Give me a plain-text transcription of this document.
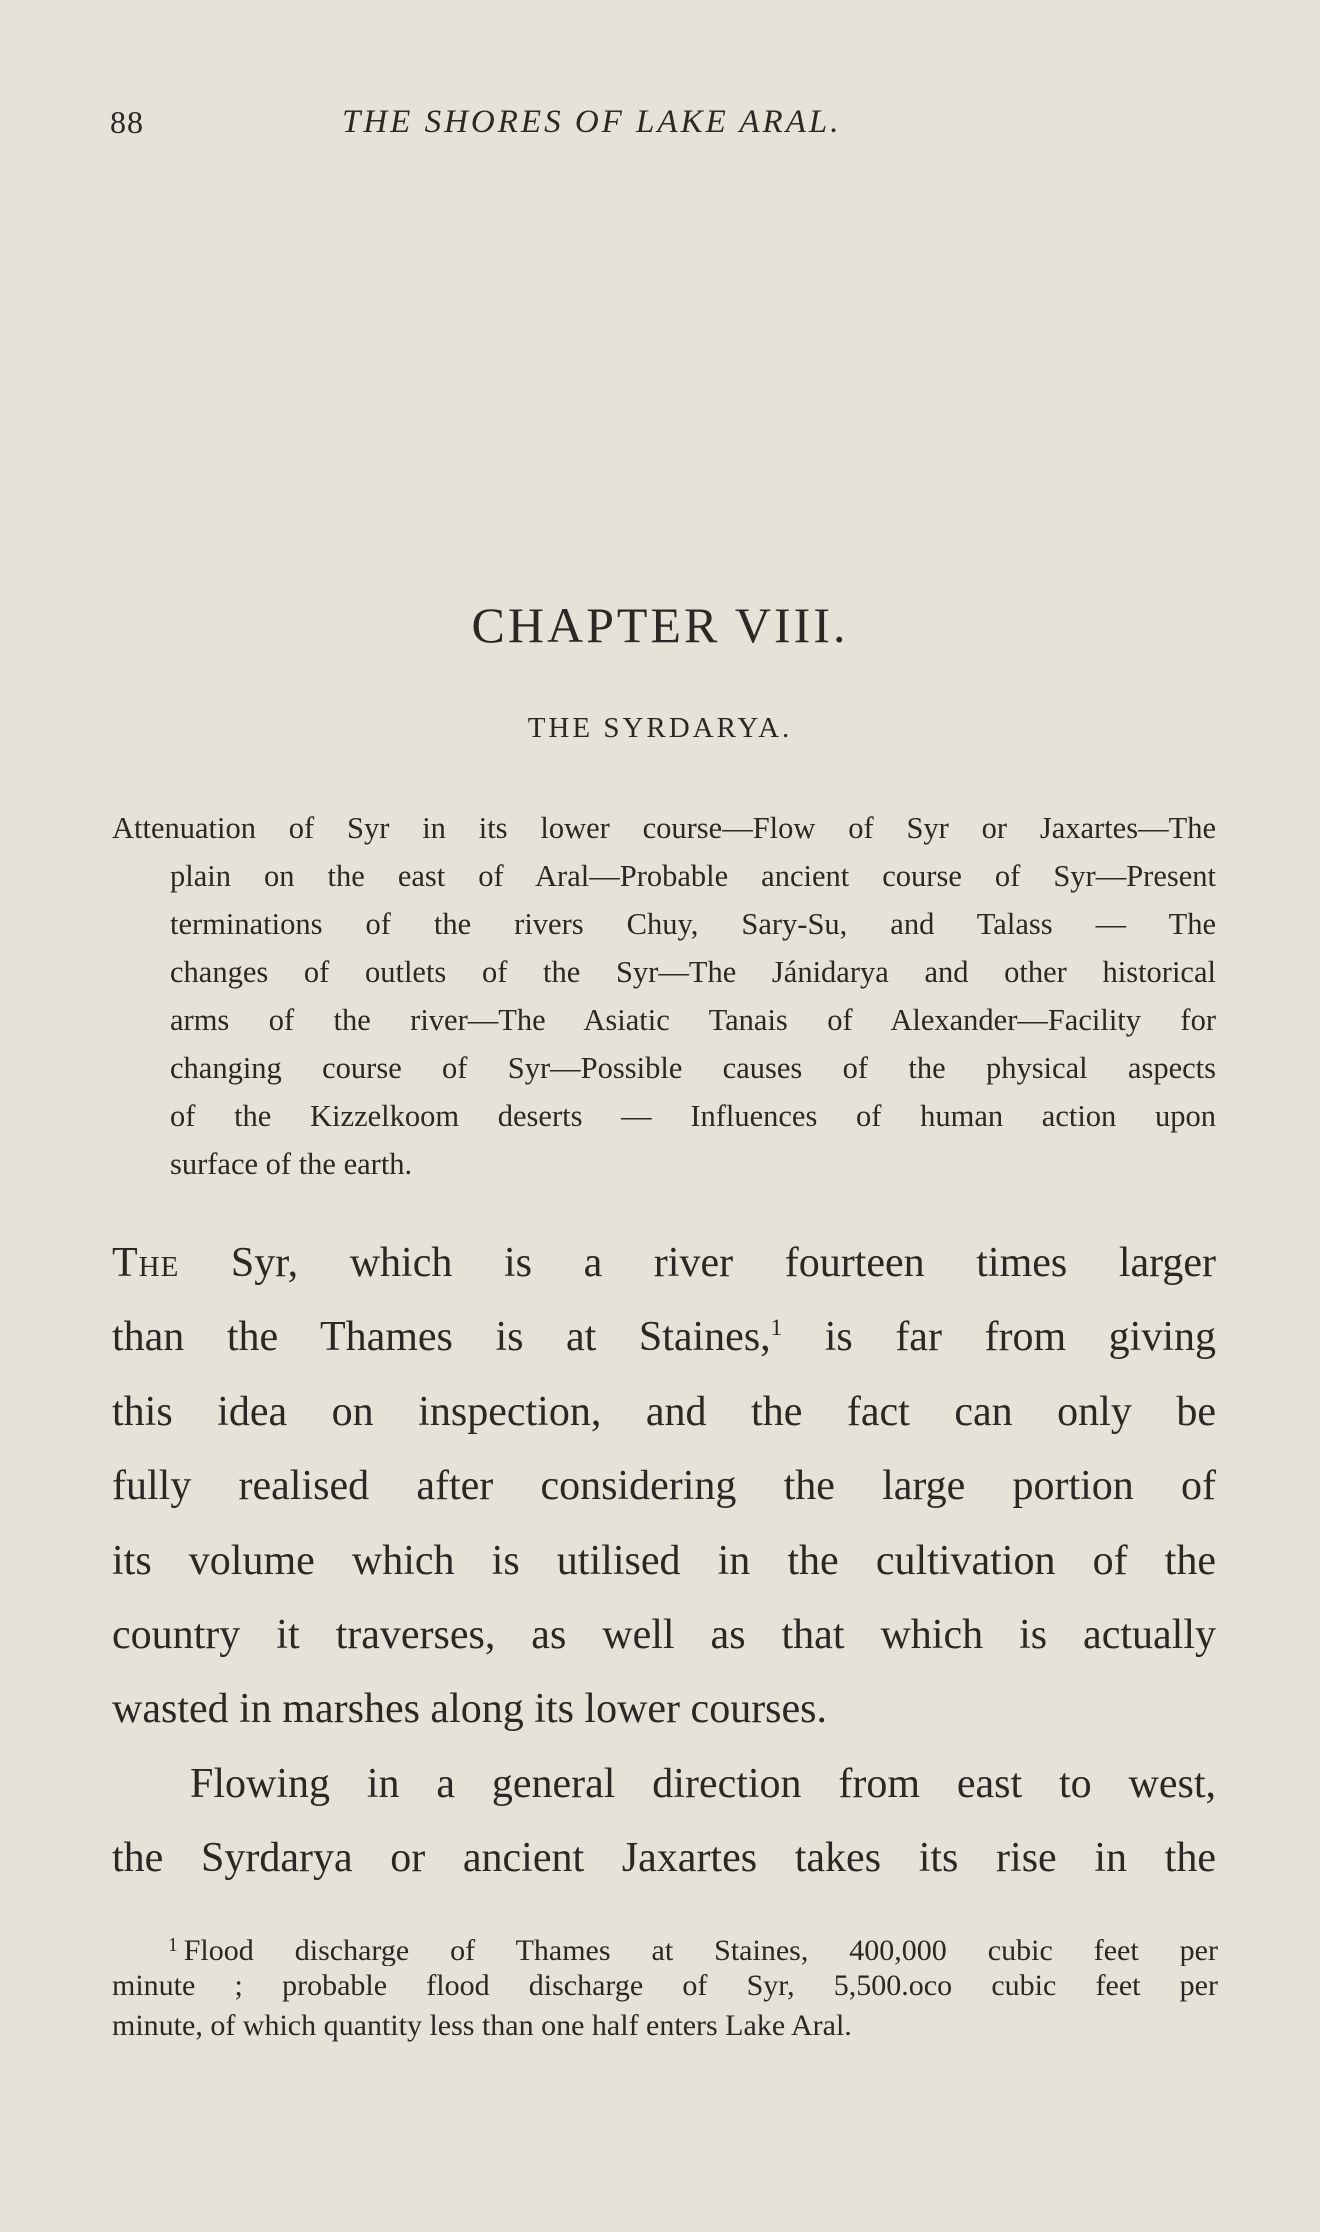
88	THE SHORES OF LAKE ARAL.
CHAPTER VIII.
THE SYRDARYA.
Attenuation of Syr in its lower course—Flow of Syr or Jaxartes—The
plain on the east of Aral—Probable ancient course of Syr—Present
terminations of the rivers Chuy, Sary-Su, and Talass — The
changes of outlets of the Syr—The Jánidarya and other historical
arms of the river—The Asiatic Tanais of Alexander—Facility for
changing course of Syr—Possible causes of the physical aspects
of the Kizzelkoom deserts — Influences of human action upon
surface of the earth.
The Syr, which is a river fourteen times larger
than the Thames is at Staines,$^1$ is far from giving
this idea on inspection, and the fact can only be
fully realised after considering the large portion of
its volume which is utilised in the cultivation of the
country it traverses, as well as that which is actually
wasted in marshes along its lower courses.
Flowing in a general direction from east to west,
the Syrdarya or ancient Jaxartes takes its rise in the
$^1$ Flood discharge of Thames at Staines, 400,000 cubic feet per
minute ; probable flood discharge of Syr, 5,500.oco cubic feet per
minute, of which quantity less than one half enters Lake Aral.
